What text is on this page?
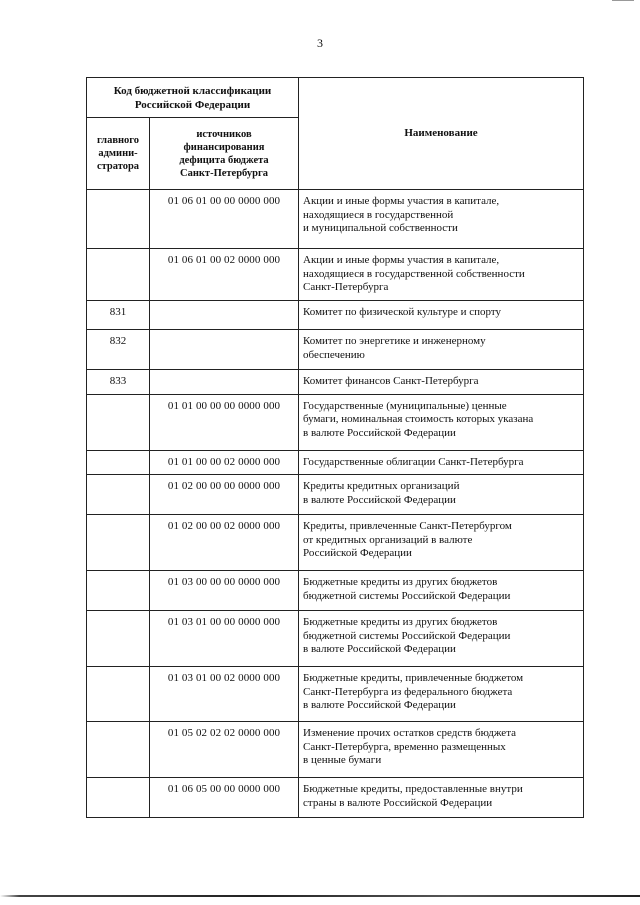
3
Код бюджетной классификации
Российской Федерации		Наименование

главного
админи-
стратора	источников
финансирования
дефицита бюджета
Санкт-Петербурга	

	01 06 01 00 00 0000 000	Акции и иные формы участия в капитале,
находящиеся в государственной
и муниципальной собственности

	01 06 01 00 02 0000 000	Акции и иные формы участия в капитале,
находящиеся в государственной собственности
Санкт-Петербурга

831		Комитет по физической культуре и спорту

832		Комитет по энергетике и инженерному
обеспечению

833		Комитет финансов Санкт-Петербурга

	01 01 00 00 00 0000 000	Государственные (муниципальные) ценные
бумаги, номинальная стоимость которых указана
в валюте Российской Федерации

	01 01 00 00 02 0000 000	Государственные облигации Санкт-Петербурга

	01 02 00 00 00 0000 000	Кредиты кредитных организаций
в валюте Российской Федерации

	01 02 00 00 02 0000 000	Кредиты, привлеченные Санкт-Петербургом
от кредитных организаций в валюте
Российской Федерации

	01 03 00 00 00 0000 000	Бюджетные кредиты из других бюджетов
бюджетной системы Российской Федерации

	01 03 01 00 00 0000 000	Бюджетные кредиты из других бюджетов
бюджетной системы Российской Федерации
в валюте Российской Федерации

	01 03 01 00 02 0000 000	Бюджетные кредиты, привлеченные бюджетом
Санкт-Петербурга из федерального бюджета
в валюте Российской Федерации

	01 05 02 02 02 0000 000	Изменение прочих остатков средств бюджета
Санкт-Петербурга, временно размещенных
в ценные бумаги

	01 06 05 00 00 0000 000	Бюджетные кредиты, предоставленные внутри
страны в валюте Российской Федерации
